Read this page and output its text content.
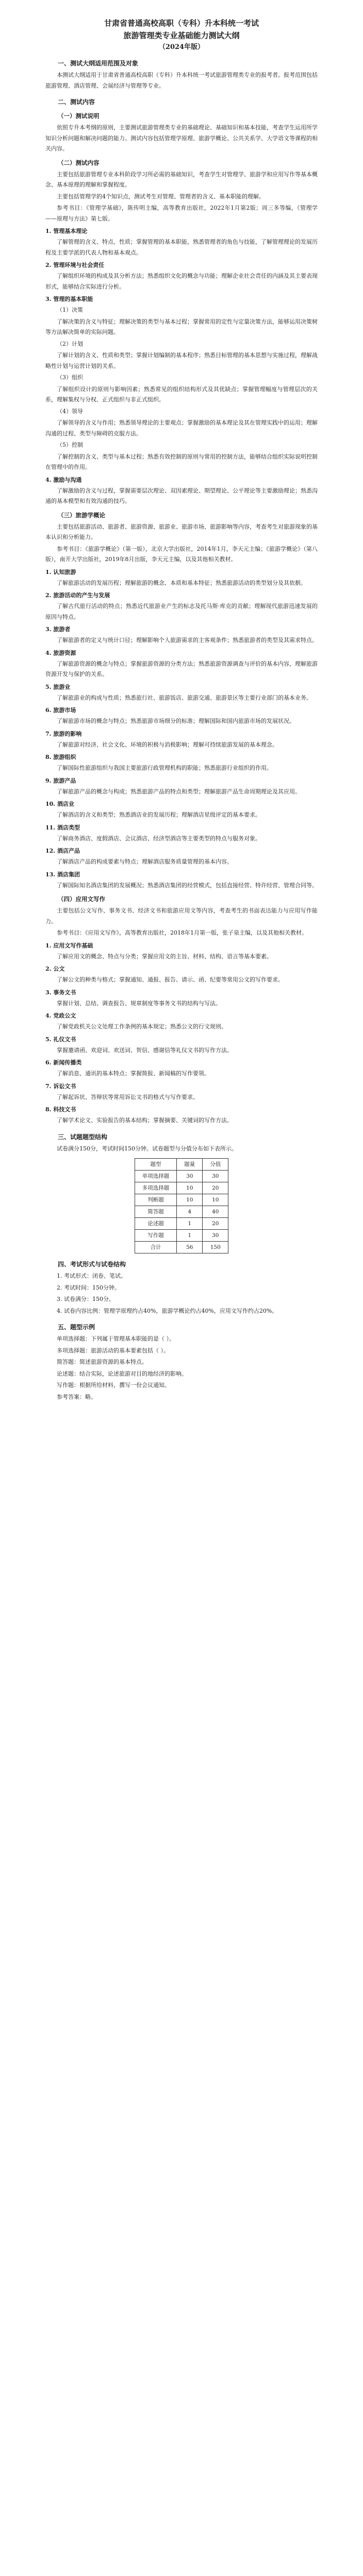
甘肃省普通高校高职（专科）升本科统一考试
旅游管理类专业基础能力测试大纲
（2024年版）
一、测试大纲适用范围及对象
本测试大纲适用于甘肃省普通高校高职（专科）升本科统一考试旅游管理类专业的报考者。报考范围包括旅游管理、酒店管理、会展经济与管理等专业。
二、测试内容
（一）测试说明
依照专升本考纲的原则，主要测试旅游管理类专业的基础理论、基础知识和基本技能，考查学生运用所学知识分析问题和解决问题的能力。测试内容包括管理学原理、旅游学概论、公共关系学、大学语文等课程的相关内容。
（二）测试内容
主要包括旅游管理专业本科阶段学习所必需的基础知识，考查学生对管理学、旅游学和应用写作等基本概念、基本原理的理解和掌握程度。
主要包括管理学的4个知识点，测试考生对管理、管理者的含义、基本职能的理解。
参考书目：《管理学基础》，陈传明主编，高等教育出版社，2022年1月第2版；周三多等编，《管理学——原理与方法》第七版。
1. 管理基本理论
了解管理的含义、特点、性质；掌握管理的基本职能，熟悉管理者的角色与技能，了解管理理论的发展历程及主要学派的代表人物和基本观点。
2. 管理环境与社会责任
了解组织环境的构成及其分析方法；熟悉组织文化的概念与功能；理解企业社会责任的内涵及其主要表现形式，能够结合实际进行分析。
3. 管理的基本职能
（1）决策
了解决策的含义与特征；理解决策的类型与基本过程；掌握常用的定性与定量决策方法，能够运用决策树等方法解决简单的实际问题。
（2）计划
了解计划的含义、性质和类型；掌握计划编制的基本程序；熟悉目标管理的基本思想与实施过程，理解战略性计划与运营计划的关系。
（3）组织
了解组织设计的原则与影响因素；熟悉常见的组织结构形式及其优缺点；掌握管理幅度与管理层次的关系，理解集权与分权、正式组织与非正式组织。
（4）领导
了解领导的含义与作用；熟悉领导理论的主要观点；掌握激励的基本理论及其在管理实践中的运用；理解沟通的过程、类型与障碍的克服方法。
（5）控制
了解控制的含义、类型与基本过程；熟悉有效控制的原则与常用的控制方法，能够结合组织实际说明控制在管理中的作用。
4. 激励与沟通
了解激励的含义与过程，掌握需要层次理论、双因素理论、期望理论、公平理论等主要激励理论；熟悉沟通的基本模型和有效沟通的技巧。
（三）旅游学概论
主要包括旅游活动、旅游者、旅游资源、旅游业、旅游市场、旅游影响等内容，考查考生对旅游现象的基本认识和分析能力。
参考书目：《旅游学概论》（第一版），北京大学出版社，2014年1月，李天元主编；《旅游学概论》（第八版），南开大学出版社，2019年8月出版，李天元主编，以及其他相关教材。
1. 认知旅游
了解旅游活动的发展历程；理解旅游的概念、本质和基本特征；熟悉旅游活动的类型划分及其依据。
2. 旅游活动的产生与发展
了解古代旅行活动的特点；熟悉近代旅游业产生的标志及托马斯·库克的贡献；理解现代旅游迅速发展的原因与特点。
3. 旅游者
了解旅游者的定义与统计口径；理解影响个人旅游需求的主客观条件；熟悉旅游者的类型及其需求特点。
4. 旅游资源
了解旅游资源的概念与特点；掌握旅游资源的分类方法；熟悉旅游资源调查与评价的基本内容，理解旅游资源开发与保护的关系。
5. 旅游业
了解旅游业的构成与性质；熟悉旅行社、旅游饭店、旅游交通、旅游景区等主要行业部门的基本业务。
6. 旅游市场
了解旅游市场的概念与特点；熟悉旅游市场细分的标准；理解国际和国内旅游市场的发展状况。
7. 旅游的影响
了解旅游对经济、社会文化、环境的积极与消极影响；理解可持续旅游发展的基本理念。
8. 旅游组织
了解国际性旅游组织与我国主要旅游行政管理机构的职能；熟悉旅游行业组织的作用。
9. 旅游产品
了解旅游产品的概念与构成；熟悉旅游产品的特点和类型；理解旅游产品生命周期理论及其应用。
10. 酒店业
了解酒店的含义和类型；熟悉酒店业的发展历程；理解酒店星级评定的基本要求。
11. 酒店类型
了解商务酒店、度假酒店、会议酒店、经济型酒店等主要类型的特点与服务对象。
12. 酒店产品
了解酒店产品的构成要素与特点；理解酒店服务质量管理的基本内容。
13. 酒店集团
了解国际知名酒店集团的发展概况；熟悉酒店集团的经营模式，包括直接经营、特许经营、管理合同等。
（四）应用文写作
主要包括公文写作、事务文书、经济文书和旅游应用文等内容，考查考生的书面表达能力与应用写作能力。
参考书目：《应用文写作》，高等教育出版社，2018年1月第一版，张子泉主编，以及其他相关教材。
1. 应用文写作基础
了解应用文的概念、特点与分类；掌握应用文的主旨、材料、结构、语言等基本要素。
2. 公文
了解公文的种类与格式；掌握通知、通报、报告、请示、函、纪要等常用公文的写作要求。
3. 事务文书
掌握计划、总结、调查报告、规章制度等事务文书的结构与写法。
4. 党政公文
了解党政机关公文处理工作条例的基本规定；熟悉公文的行文规则。
5. 礼仪文书
掌握邀请函、欢迎词、欢送词、贺信、感谢信等礼仪文书的写作方法。
6. 新闻传播类
了解消息、通讯的基本特点；掌握简报、新闻稿的写作要领。
7. 诉讼文书
了解起诉状、答辩状等常用诉讼文书的格式与写作要求。
8. 科技文书
了解学术论文、实验报告的基本结构；掌握摘要、关键词的写作方法。
三、试题题型结构
试卷满分150分，考试时间150分钟。试卷题型与分值分布如下表所示。
题型	题量	分值
单项选择题	30	30
多项选择题	10	20
判断题	10	10
简答题	4	40
论述题	1	20
写作题	1	30
合计	56	150
四、考试形式与试卷结构
1. 考试形式：闭卷、笔试。
2. 考试时间：150分钟。
3. 试卷满分：150分。
4. 试卷内容比例：管理学原理约占40%，旅游学概论约占40%，应用文写作约占20%。
五、题型示例
单项选择题：下列属于管理基本职能的是（ ）。
多项选择题：旅游活动的基本要素包括（ ）。
简答题：简述旅游资源的基本特点。
论述题：结合实际，论述旅游对目的地经济的影响。
写作题：根据所给材料，撰写一份会议通知。
参考答案：略。
